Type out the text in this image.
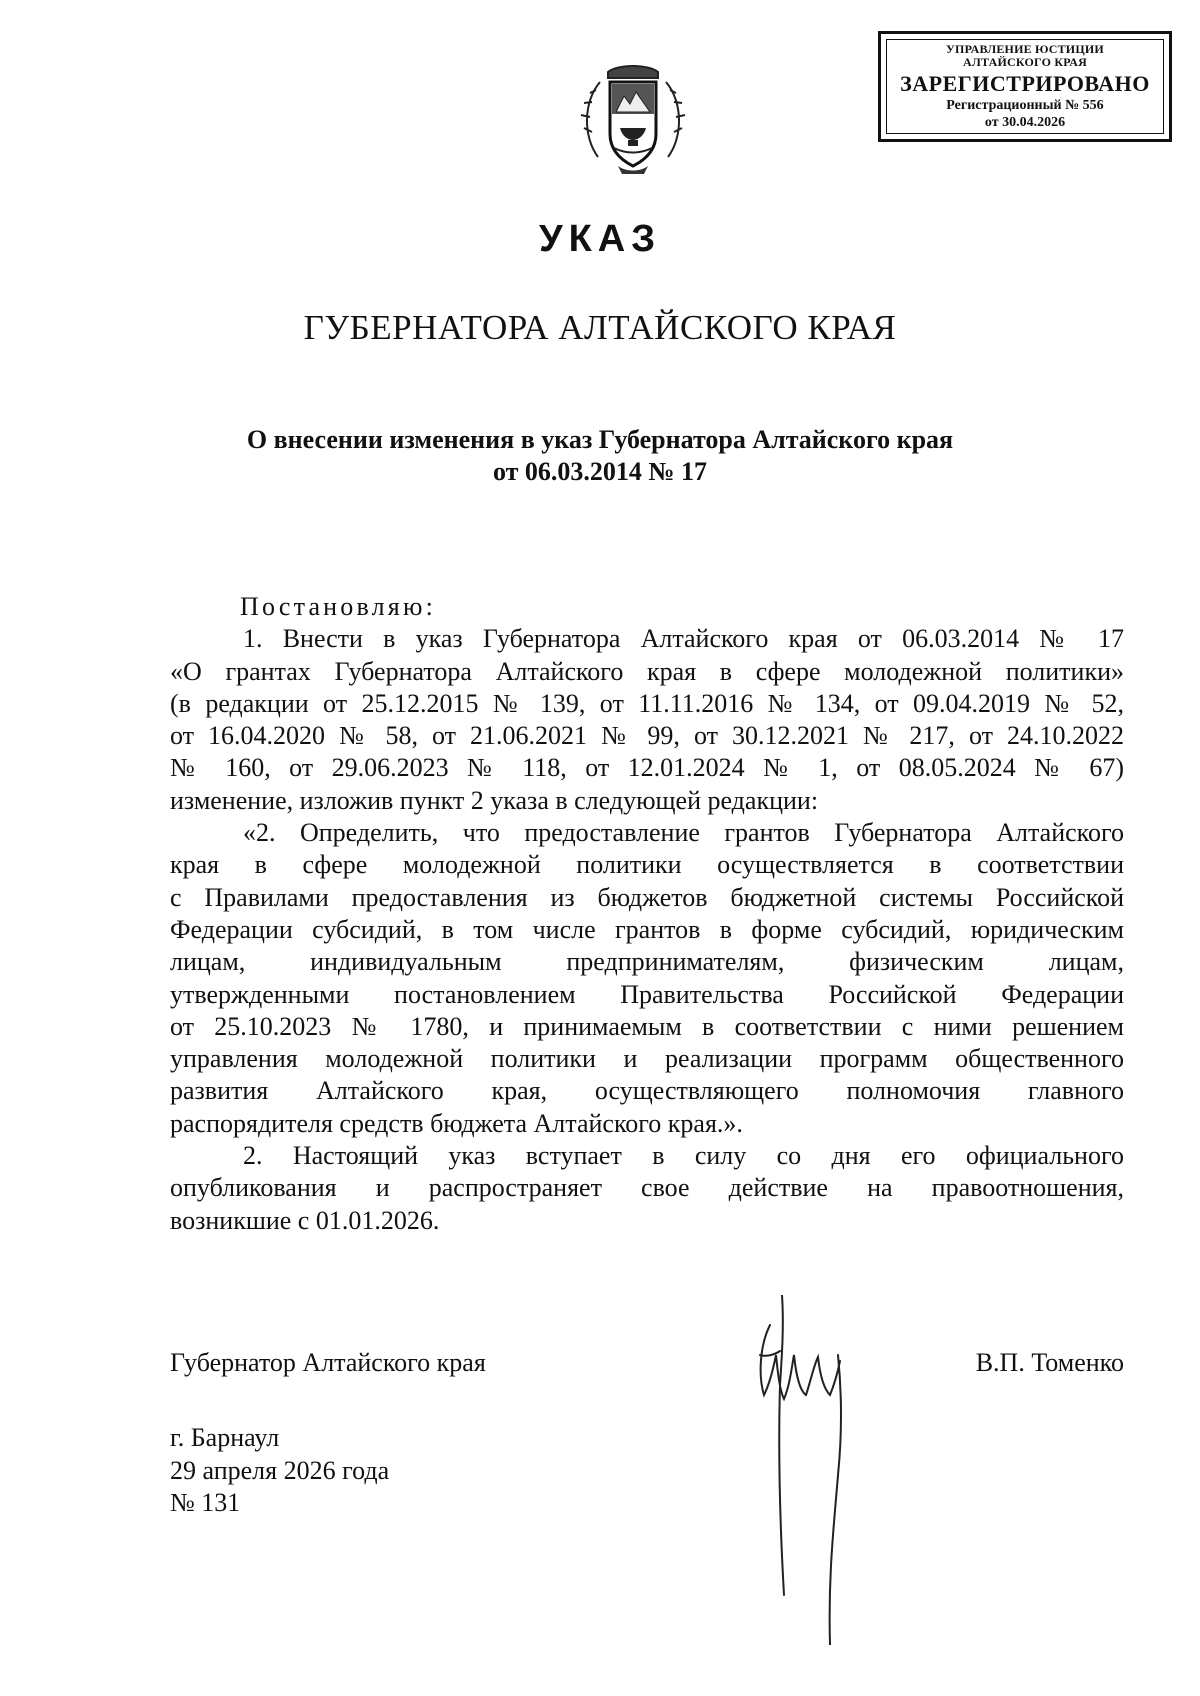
УПРАВЛЕНИЕ ЮСТИЦИИ
АЛТАЙСКОГО КРАЯ
ЗАРЕГИСТРИРОВАНО
Регистрационный № 556
от 30.04.2026
УКАЗ
ГУБЕРНАТОРА АЛТАЙСКОГО КРАЯ
О внесении изменения в указ Губернатора Алтайского края
от 06.03.2014 № 17

Постановляю:

1. Внести в указ Губернатора Алтайского края от 06.03.2014 № 17
«О грантах Губернатора Алтайского края в сфере молодежной политики»
(в редакции от 25.12.2015 № 139, от 11.11.2016 № 134, от 09.04.2019 № 52,
от 16.04.2020 № 58, от 21.06.2021 № 99, от 30.12.2021 № 217, от 24.10.2022
№ 160, от 29.06.2023 № 118, от 12.01.2024 № 1, от 08.05.2024 № 67)
изменение, изложив пункт 2 указа в следующей редакции:
«2. Определить, что предоставление грантов Губернатора Алтайского
края в сфере молодежной политики осуществляется в соответствии
с Правилами предоставления из бюджетов бюджетной системы Российской
Федерации субсидий, в том числе грантов в форме субсидий, юридическим
лицам, индивидуальным предпринимателям, физическим лицам,
утвержденными постановлением Правительства Российской Федерации
от 25.10.2023 № 1780, и принимаемым в соответствии с ними решением
управления молодежной политики и реализации программ общественного
развития Алтайского края, осуществляющего полномочия главного
распорядителя средств бюджета Алтайского края.».
2. Настоящий указ вступает в силу со дня его официального
опубликования и распространяет свое действие на правоотношения,
возникшие с 01.01.2026.
Губернатор Алтайского края	В.П. Томенко
г. Барнаул
29 апреля 2026 года
№ 131
